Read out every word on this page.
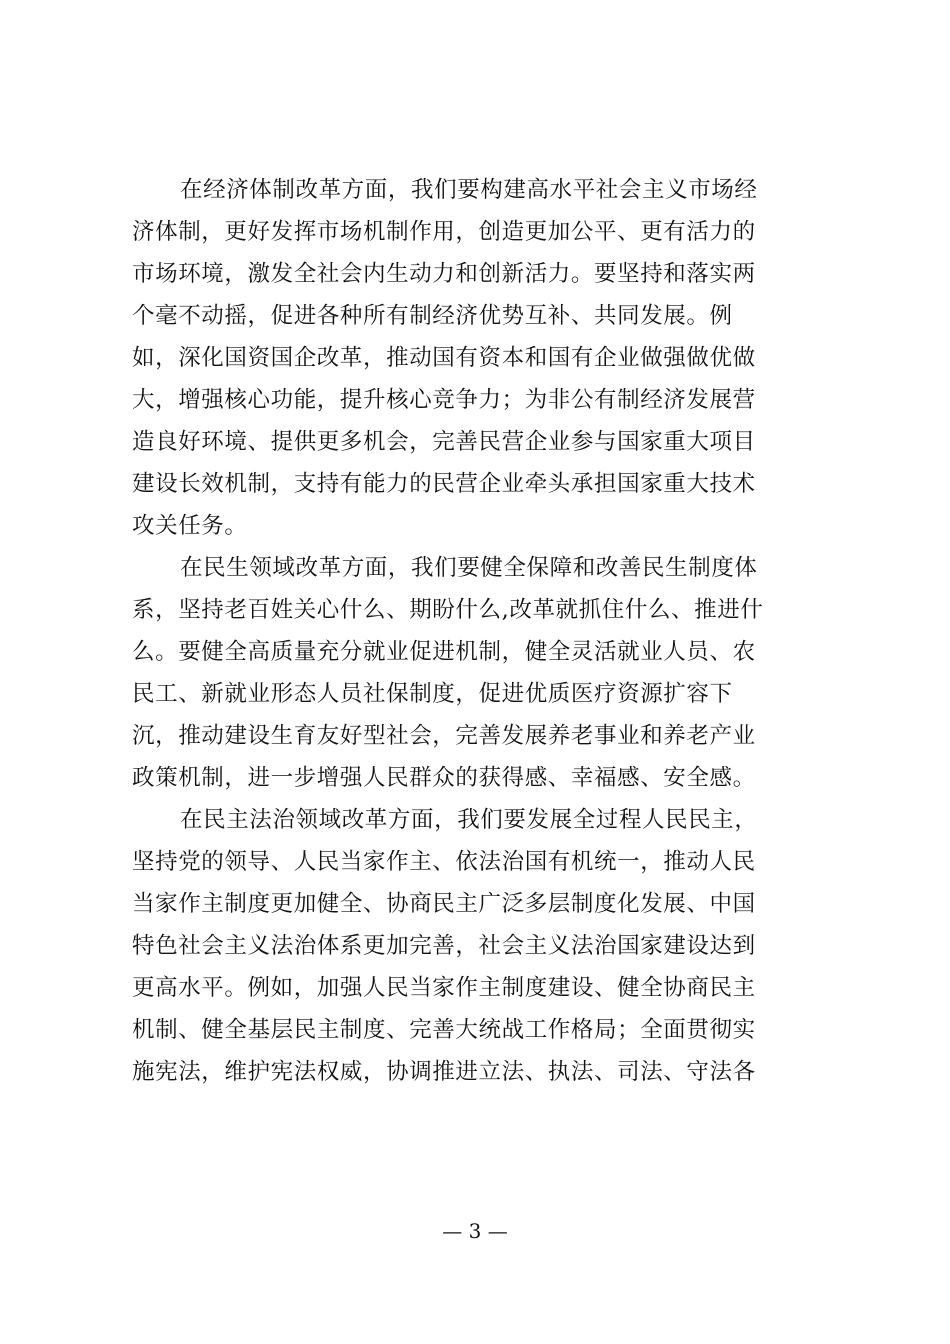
在经济体制改革方面，我们要构建高水平社会主义市场经
济体制，更好发挥市场机制作用，创造更加公平、更有活力的
市场环境，激发全社会内生动力和创新活力。要坚持和落实两
个毫不动摇，促进各种所有制经济优势互补、共同发展。例
如，深化国资国企改革，推动国有资本和国有企业做强做优做
大，增强核心功能，提升核心竞争力；为非公有制经济发展营
造良好环境、提供更多机会，完善民营企业参与国家重大项目
建设长效机制，支持有能力的民营企业牵头承担国家重大技术
攻关任务。
在民生领域改革方面，我们要健全保障和改善民生制度体
系，坚持老百姓关心什么、期盼什么,改革就抓住什么、推进什
么。要健全高质量充分就业促进机制，健全灵活就业人员、农
民工、新就业形态人员社保制度，促进优质医疗资源扩容下
沉，推动建设生育友好型社会，完善发展养老事业和养老产业
政策机制，进一步增强人民群众的获得感、幸福感、安全感。
在民主法治领域改革方面，我们要发展全过程人民民主，
坚持党的领导、人民当家作主、依法治国有机统一，推动人民
当家作主制度更加健全、协商民主广泛多层制度化发展、中国
特色社会主义法治体系更加完善，社会主义法治国家建设达到
更高水平。例如，加强人民当家作主制度建设、健全协商民主
机制、健全基层民主制度、完善大统战工作格局；全面贯彻实
施宪法，维护宪法权威，协调推进立法、执法、司法、守法各
— 3 —
